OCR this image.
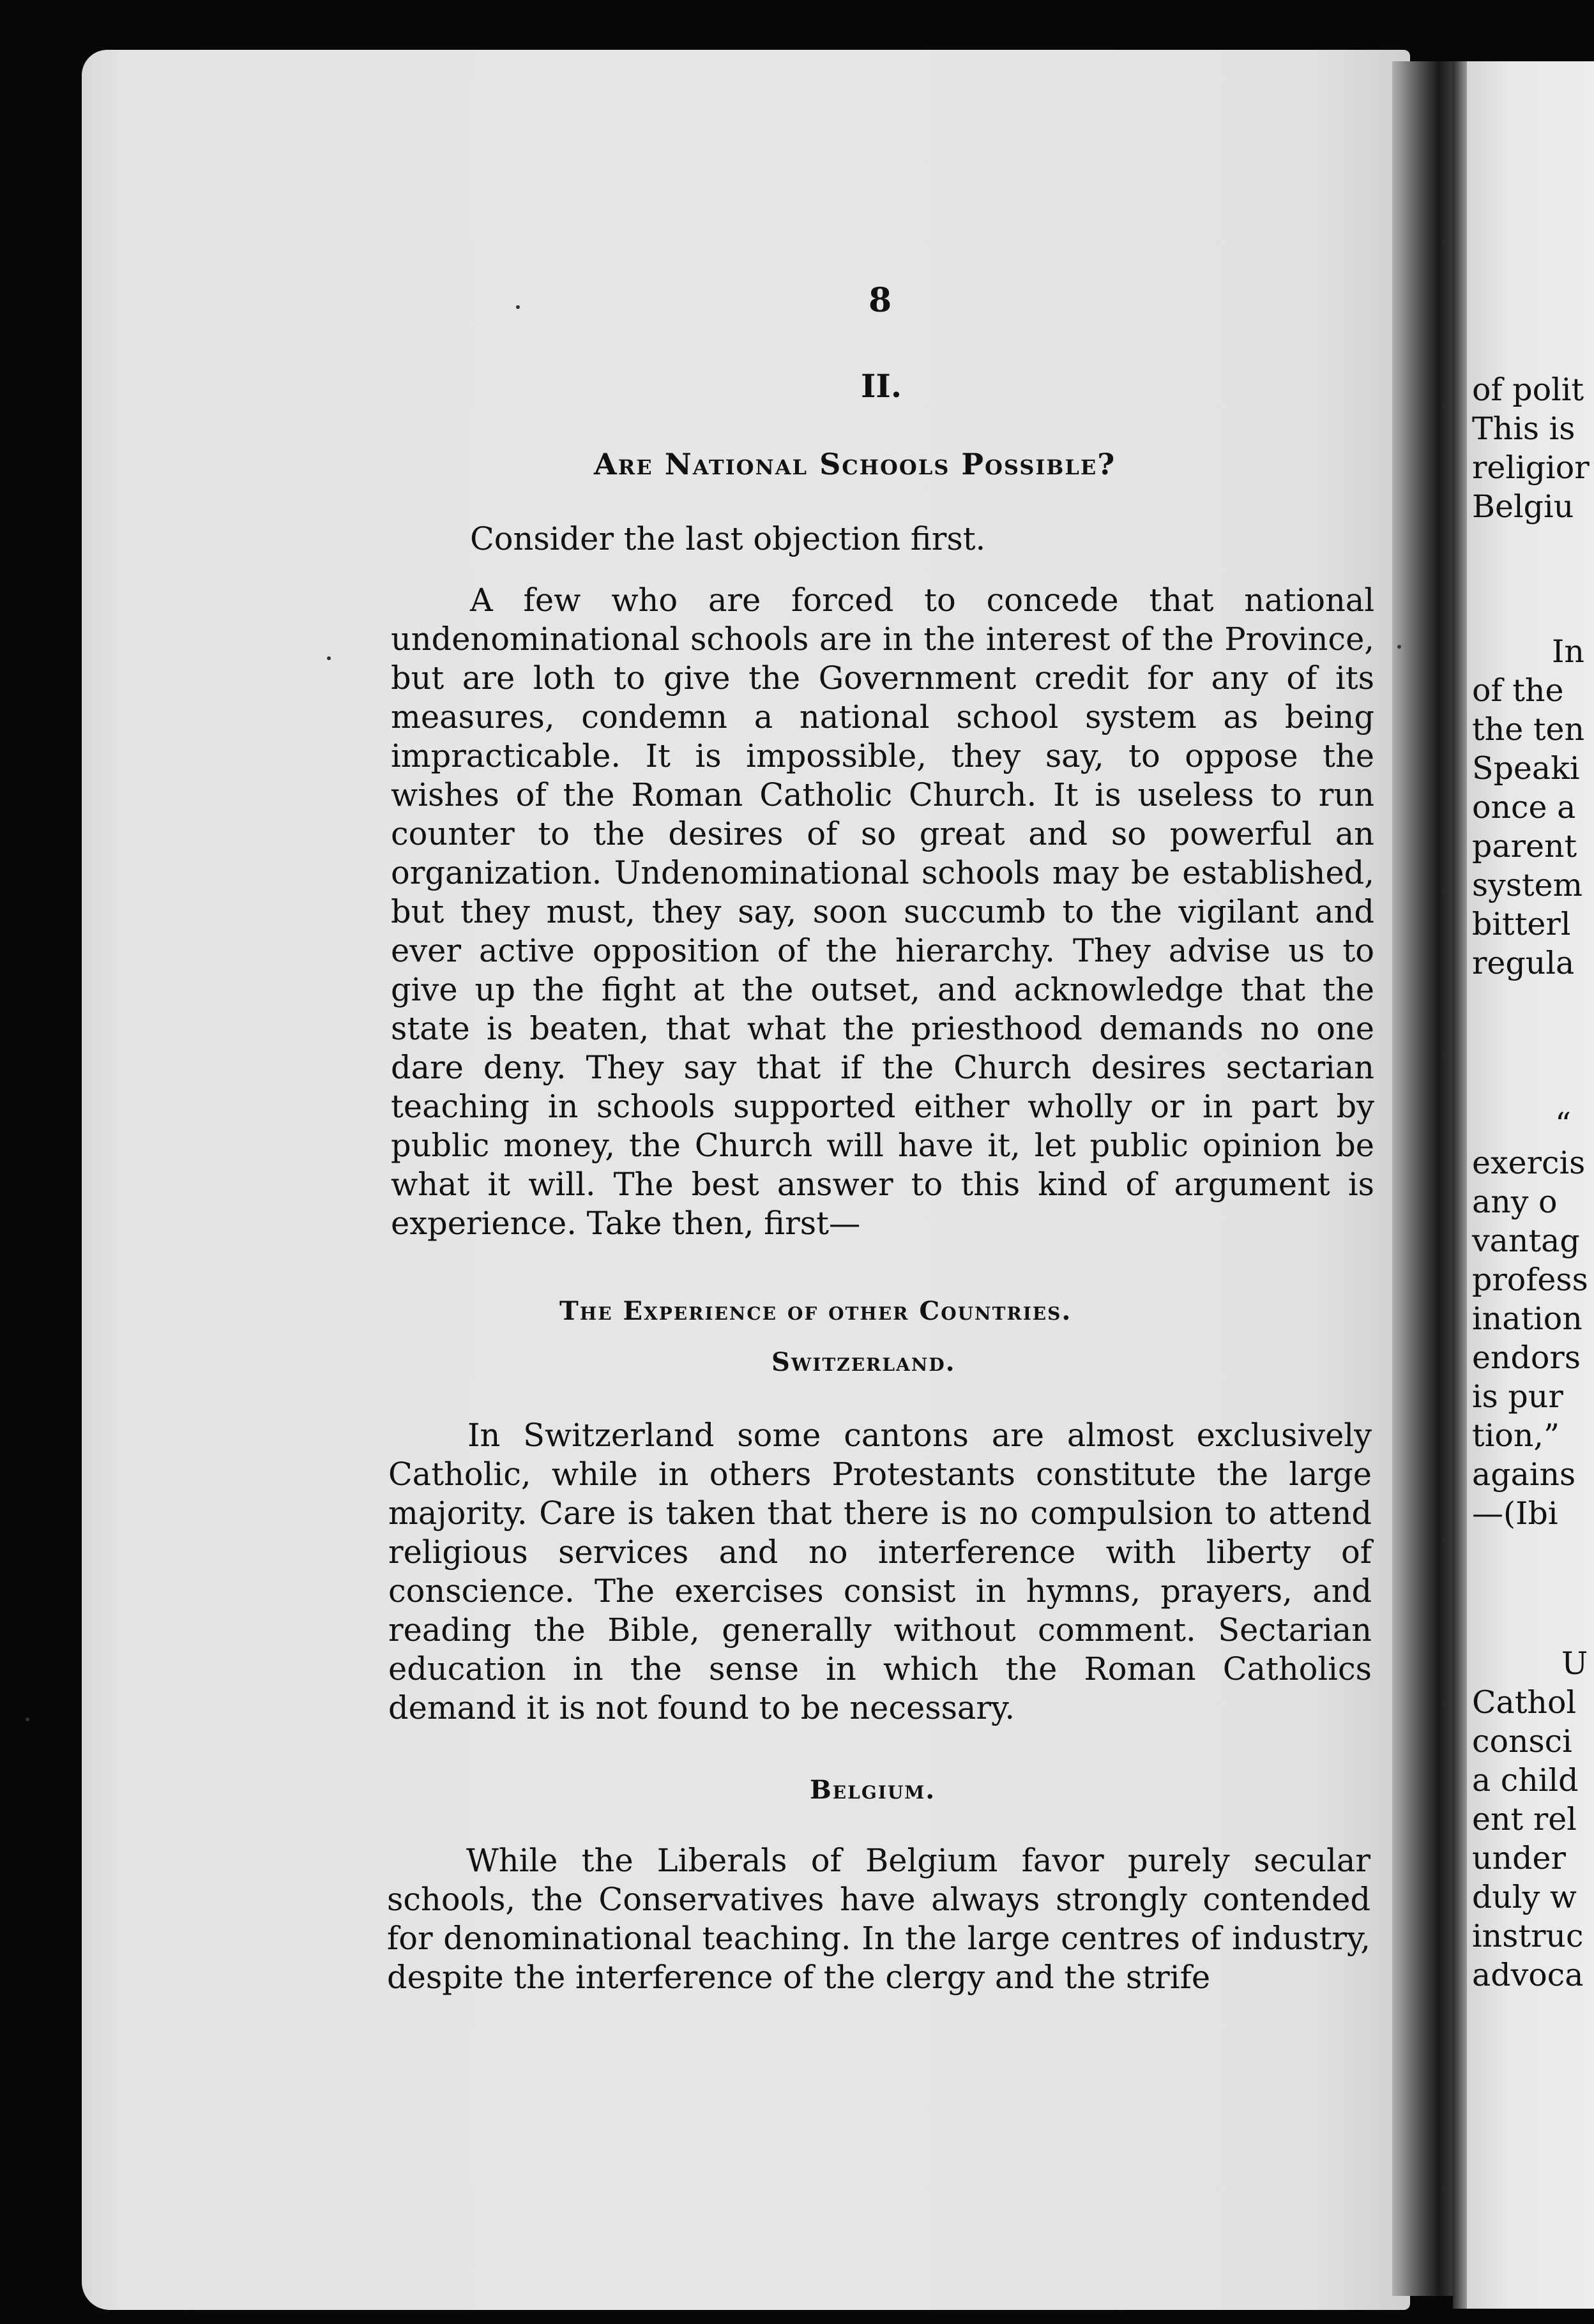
8
II.
Are National Schools Possible?
Consider the last objection first.

A few who are forced to concede that national undenominational schools are in the interest of the Province, but are loth to give the Government credit for any of its measures, condemn a national school system as being impracticable. It is impossible, they say, to oppose the wishes of the Roman Catholic Church. It is useless to run counter to the desires of so great and so powerful an organization. Undenominational schools may be established, but they must, they say, soon succumb to the vigilant and ever active opposition of the hierarchy. They advise us to give up the fight at the outset, and acknowledge that the state is beaten, that what the priesthood demands no one dare deny. They say that if the Church desires sectarian teaching in schools supported either wholly or in part by public money, the Church will have it, let public opinion be what it will. The best answer to this kind of argument is experience. Take then, first—

The Experience of other Countries.
Switzerland.

In Switzerland some cantons are almost exclusively Catholic, while in others Protestants constitute the large majority. Care is taken that there is no compulsion to attend religious services and no interference with liberty of conscience. The exercises consist in hymns, prayers, and reading the Bible, generally without comment. Sectarian education in the sense in which the Roman Catholics demand it is not found to be necessary.

Belgium.

While the Liberals of Belgium favor purely secular schools, the Conservatives have always strongly contended for denominational teaching. In the large centres of industry, despite the interference of the clergy and the strife

of polit
This is
religior
Belgiu
In
of the
the ten
Speaki
once a
parent
system
bitterl
regula
“
exercis
any o
vantag
profess
ination
endors
is pur
tion,”
agains
—(Ibi
U
Cathol
consci
a child
ent rel
under
duly w
instruc
advoca
